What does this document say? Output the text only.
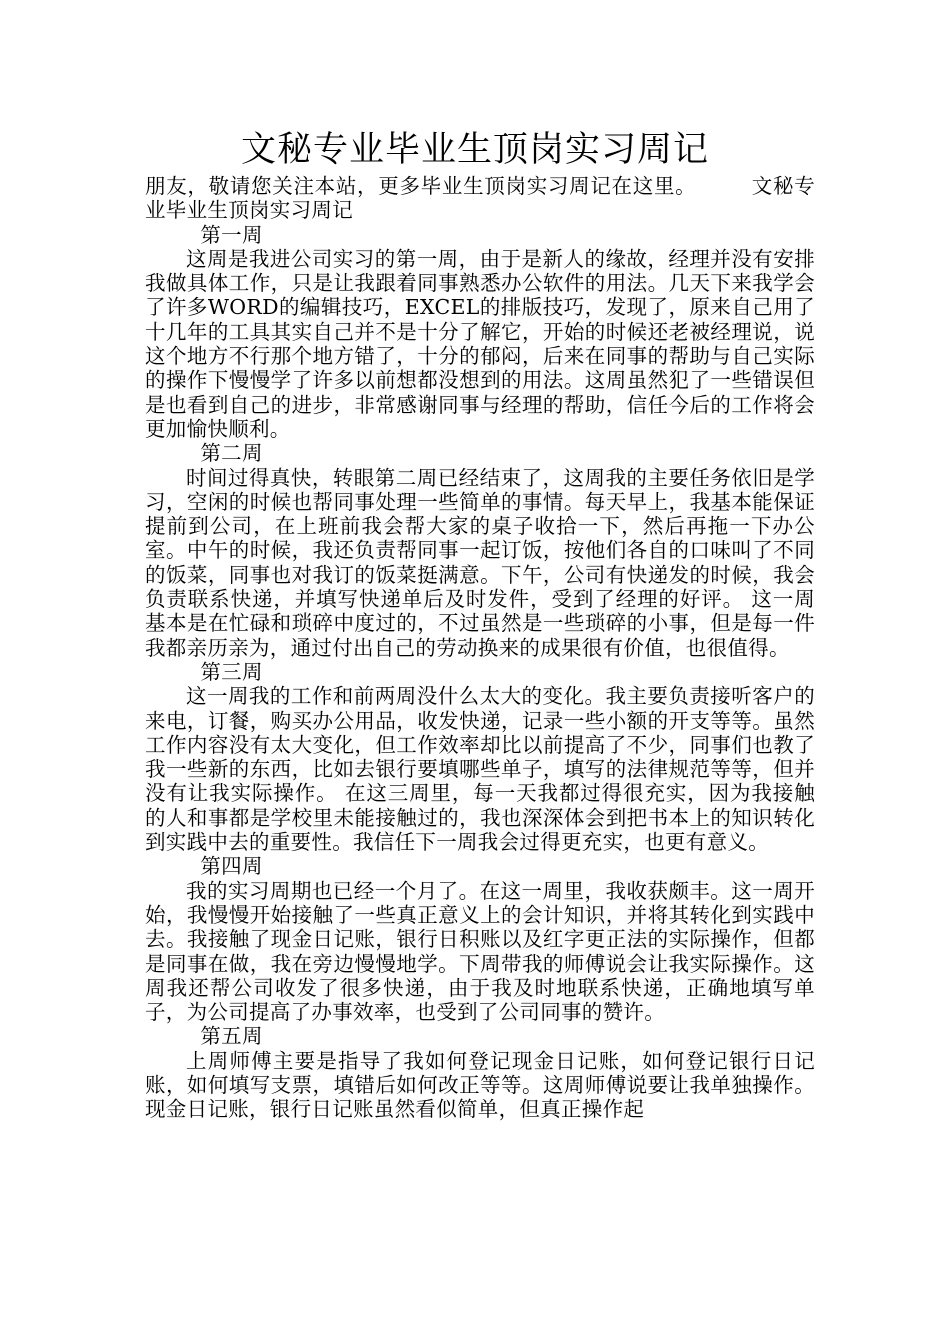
文秘专业毕业生顶岗实习周记

朋友，敬请您关注本站，更多毕业生顶岗实习周记在这里。	文秘专业毕业生顶岗实习周记

第一周

这周是我进公司实习的第一周，由于是新人的缘故，经理并没有安排我做具体工作，只是让我跟着同事熟悉办公软件的用法。几天下来我学会了许多WORD的编辑技巧，EXCEL的排版技巧，发现了，原来自己用了十几年的工具其实自己并不是十分了解它，开始的时候还老被经理说，说这个地方不行那个地方错了，十分的郁闷，后来在同事的帮助与自己实际的操作下慢慢学了许多以前想都没想到的用法。这周虽然犯了一些错误但是也看到自己的进步，非常感谢同事与经理的帮助，信任今后的工作将会更加愉快顺利。

第二周

时间过得真快，转眼第二周已经结束了，这周我的主要任务依旧是学习，空闲的时候也帮同事处理一些简单的事情。每天早上，我基本能保证提前到公司，在上班前我会帮大家的桌子收拾一下，然后再拖一下办公室。中午的时候，我还负责帮同事一起订饭，按他们各自的口味叫了不同的饭菜，同事也对我订的饭菜挺满意。下午，公司有快递发的时候，我会负责联系快递，并填写快递单后及时发件，受到了经理的好评。 这一周基本是在忙碌和琐碎中度过的，不过虽然是一些琐碎的小事，但是每一件我都亲历亲为，通过付出自己的劳动换来的成果很有价值，也很值得。

第三周

这一周我的工作和前两周没什么太大的变化。我主要负责接听客户的来电，订餐，购买办公用品，收发快递，记录一些小额的开支等等。虽然工作内容没有太大变化，但工作效率却比以前提高了不少，同事们也教了我一些新的东西，比如去银行要填哪些单子，填写的法律规范等等，但并没有让我实际操作。 在这三周里，每一天我都过得很充实，因为我接触的人和事都是学校里未能接触过的，我也深深体会到把书本上的知识转化到实践中去的重要性。我信任下一周我会过得更充实，也更有意义。

第四周

我的实习周期也已经一个月了。在这一周里，我收获颇丰。这一周开始，我慢慢开始接触了一些真正意义上的会计知识，并将其转化到实践中去。我接触了现金日记账，银行日积账以及红字更正法的实际操作，但都是同事在做，我在旁边慢慢地学。下周带我的师傅说会让我实际操作。这周我还帮公司收发了很多快递，由于我及时地联系快递，正确地填写单子，为公司提高了办事效率，也受到了公司同事的赞许。

第五周

上周师傅主要是指导了我如何登记现金日记账，如何登记银行日记账，如何填写支票，填错后如何改正等等。这周师傅说要让我单独操作。现金日记账，银行日记账虽然看似简单，但真正操作起
